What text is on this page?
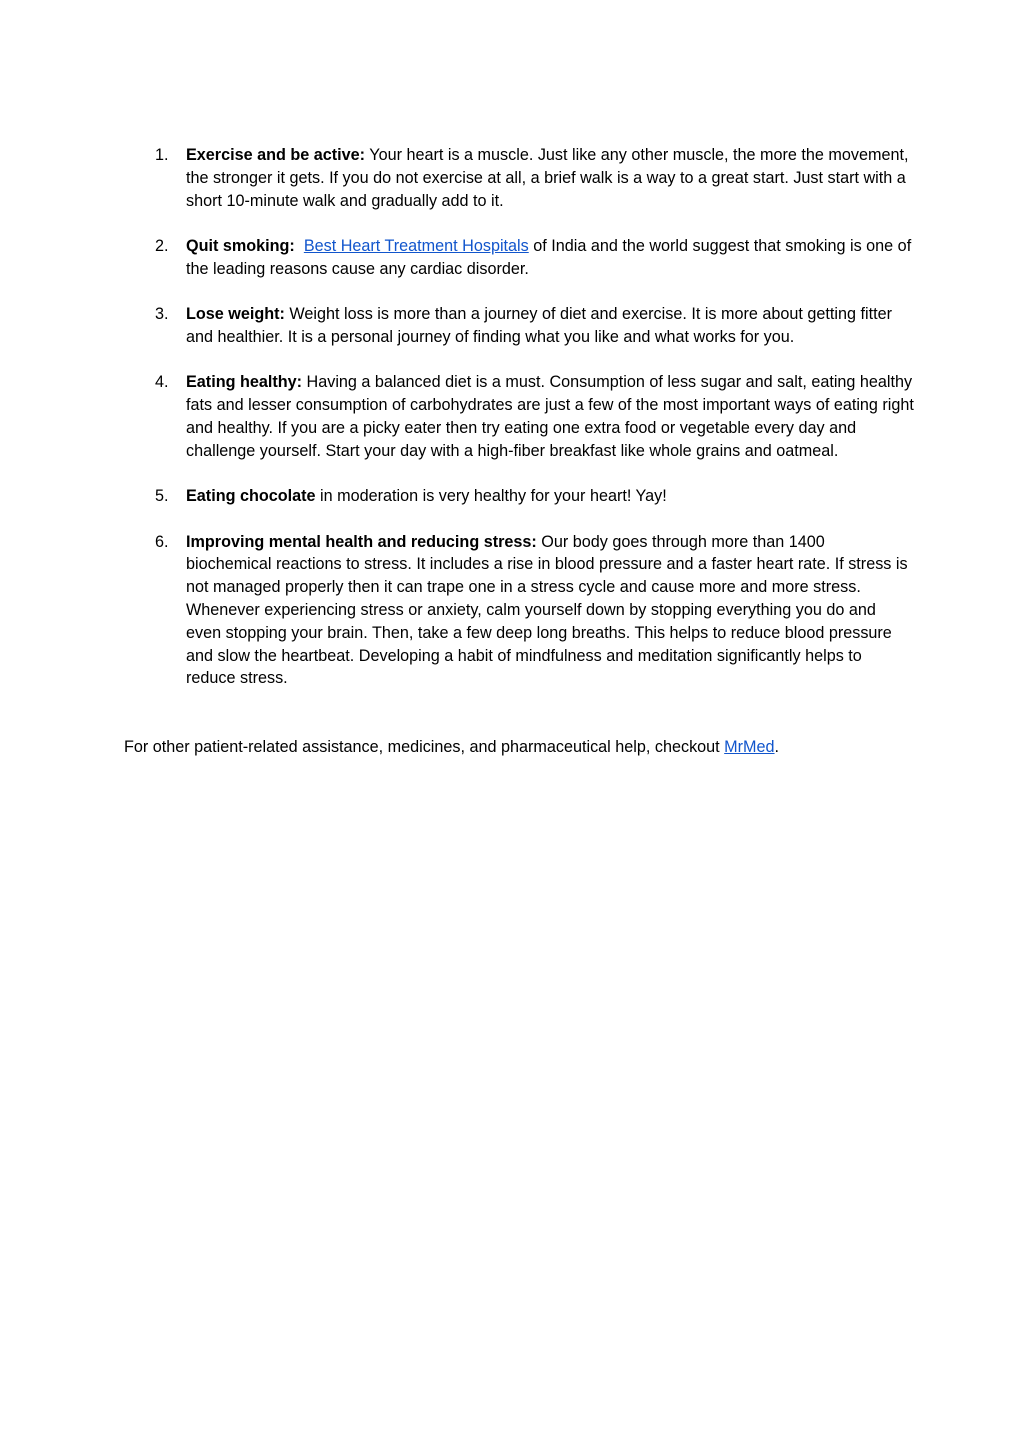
1. Exercise and be active: Your heart is a muscle. Just like any other muscle, the more the movement, the stronger it gets. If you do not exercise at all, a brief walk is a way to a great start. Just start with a short 10-minute walk and gradually add to it.
2. Quit smoking: Best Heart Treatment Hospitals of India and the world suggest that smoking is one of the leading reasons cause any cardiac disorder.
3. Lose weight: Weight loss is more than a journey of diet and exercise. It is more about getting fitter and healthier. It is a personal journey of finding what you like and what works for you.
4. Eating healthy: Having a balanced diet is a must. Consumption of less sugar and salt, eating healthy fats and lesser consumption of carbohydrates are just a few of the most important ways of eating right and healthy. If you are a picky eater then try eating one extra food or vegetable every day and challenge yourself. Start your day with a high-fiber breakfast like whole grains and oatmeal.
5. Eating chocolate in moderation is very healthy for your heart! Yay!
6. Improving mental health and reducing stress: Our body goes through more than 1400 biochemical reactions to stress. It includes a rise in blood pressure and a faster heart rate. If stress is not managed properly then it can trape one in a stress cycle and cause more and more stress. Whenever experiencing stress or anxiety, calm yourself down by stopping everything you do and even stopping your brain. Then, take a few deep long breaths. This helps to reduce blood pressure and slow the heartbeat. Developing a habit of mindfulness and meditation significantly helps to reduce stress.

For other patient-related assistance, medicines, and pharmaceutical help, checkout MrMed.
